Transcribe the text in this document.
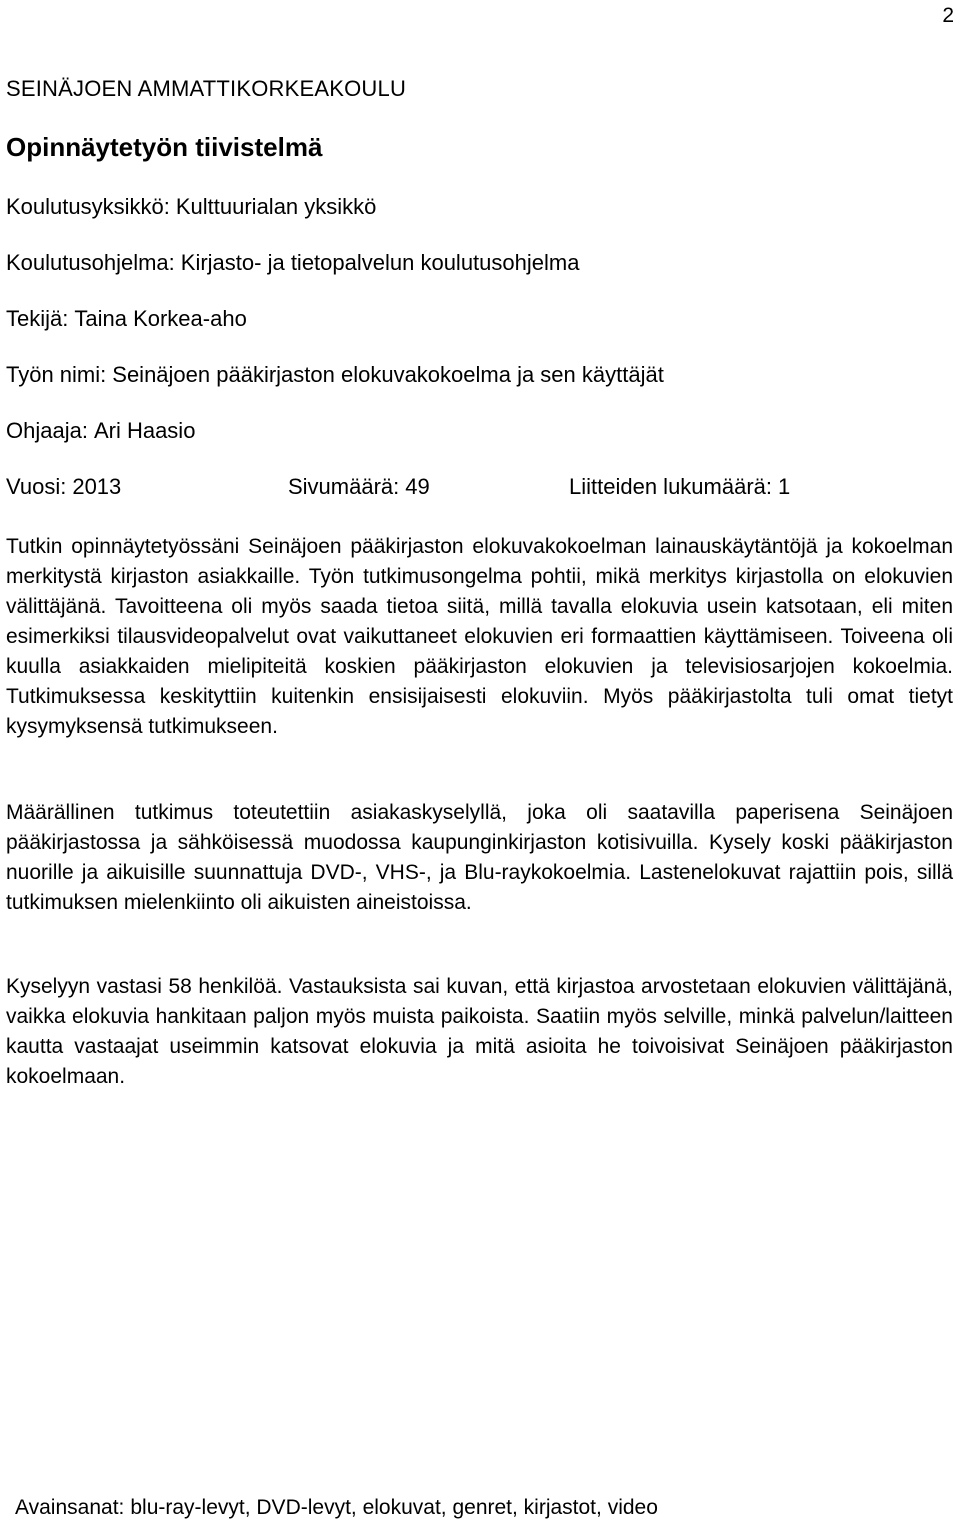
2
SEINÄJOEN AMMATTIKORKEAKOULU
Opinnäytetyön tiivistelmä
Koulutusyksikkö: Kulttuurialan yksikkö
Koulutusohjelma: Kirjasto- ja tietopalvelun koulutusohjelma
Tekijä: Taina Korkea-aho
Työn nimi: Seinäjoen pääkirjaston elokuvakokoelma ja sen käyttäjät
Ohjaaja: Ari Haasio
Vuosi: 2013	Sivumäärä: 49	Liitteiden lukumäärä: 1

Tutkin opinnäytetyössäni Seinäjoen pääkirjaston elokuvakokoelman lainauskäytäntöjä ja kokoelman merkitystä kirjaston asiakkaille. Työn tutkimusongelma pohtii, mikä merkitys kirjastolla on elokuvien välittäjänä. Tavoitteena oli myös saada tietoa siitä, millä tavalla elokuvia usein katsotaan, eli miten esimerkiksi tilausvideopalvelut ovat vaikuttaneet elokuvien eri formaattien käyttämiseen. Toiveena oli kuulla asiakkaiden mielipiteitä koskien pääkirjaston elokuvien ja televisiosarjojen kokoelmia. Tutkimuksessa keskityttiin kuitenkin ensisijaisesti elokuviin. Myös pääkirjastolta tuli omat tietyt kysymyksensä tutkimukseen.

Määrällinen tutkimus toteutettiin asiakaskyselyllä, joka oli saatavilla paperisena Seinäjoen pääkirjastossa ja sähköisessä muodossa kaupunginkirjaston kotisivuilla. Kysely koski pääkirjaston nuorille ja aikuisille suunnattuja DVD-, VHS-, ja Blu-raykokoelmia. Lastenelokuvat rajattiin pois, sillä tutkimuksen mielenkiinto oli aikuisten aineistoissa.

Kyselyyn vastasi 58 henkilöä. Vastauksista sai kuvan, että kirjastoa arvostetaan elokuvien välittäjänä, vaikka elokuvia hankitaan paljon myös muista paikoista. Saatiin myös selville, minkä palvelun/laitteen kautta vastaajat useimmin katsovat elokuvia ja mitä asioita he toivoisivat Seinäjoen pääkirjaston kokoelmaan.

Avainsanat: blu-ray-levyt, DVD-levyt, elokuvat, genret, kirjastot, video
